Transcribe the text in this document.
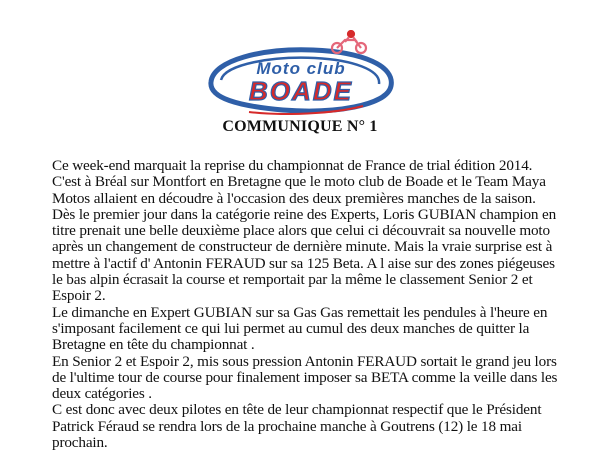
Moto club
BOADE
COMMUNIQUE N° 1
Ce week-end marquait la reprise du championnat de France de trial édition 2014.
C'est à Bréal sur Montfort en Bretagne que le moto club de Boade et le Team Maya
Motos allaient en découdre à l'occasion des deux premières manches de la saison.
Dès le premier jour dans la catégorie reine des Experts, Loris GUBIAN champion en
titre prenait une belle deuxième place alors que celui ci découvrait sa nouvelle moto
après un changement de constructeur de dernière minute. Mais la vraie surprise est à
mettre à l'actif d' Antonin FERAUD sur sa 125 Beta. A l aise sur des zones piégeuses
le bas alpin écrasait la course et remportait par la même le classement Senior 2 et
Espoir 2.
Le dimanche en Expert GUBIAN sur sa Gas Gas remettait les pendules à l'heure en
s'imposant facilement ce qui lui permet au cumul des deux manches de quitter la
Bretagne en tête du championnat .
En Senior 2 et Espoir 2, mis sous pression Antonin FERAUD sortait le grand jeu lors
de l'ultime tour de course pour finalement imposer sa BETA comme la veille dans les
deux catégories .
C est donc avec deux pilotes en tête de leur championnat respectif que le Président
Patrick Féraud se rendra lors de la prochaine manche à Goutrens (12) le 18 mai
prochain.
